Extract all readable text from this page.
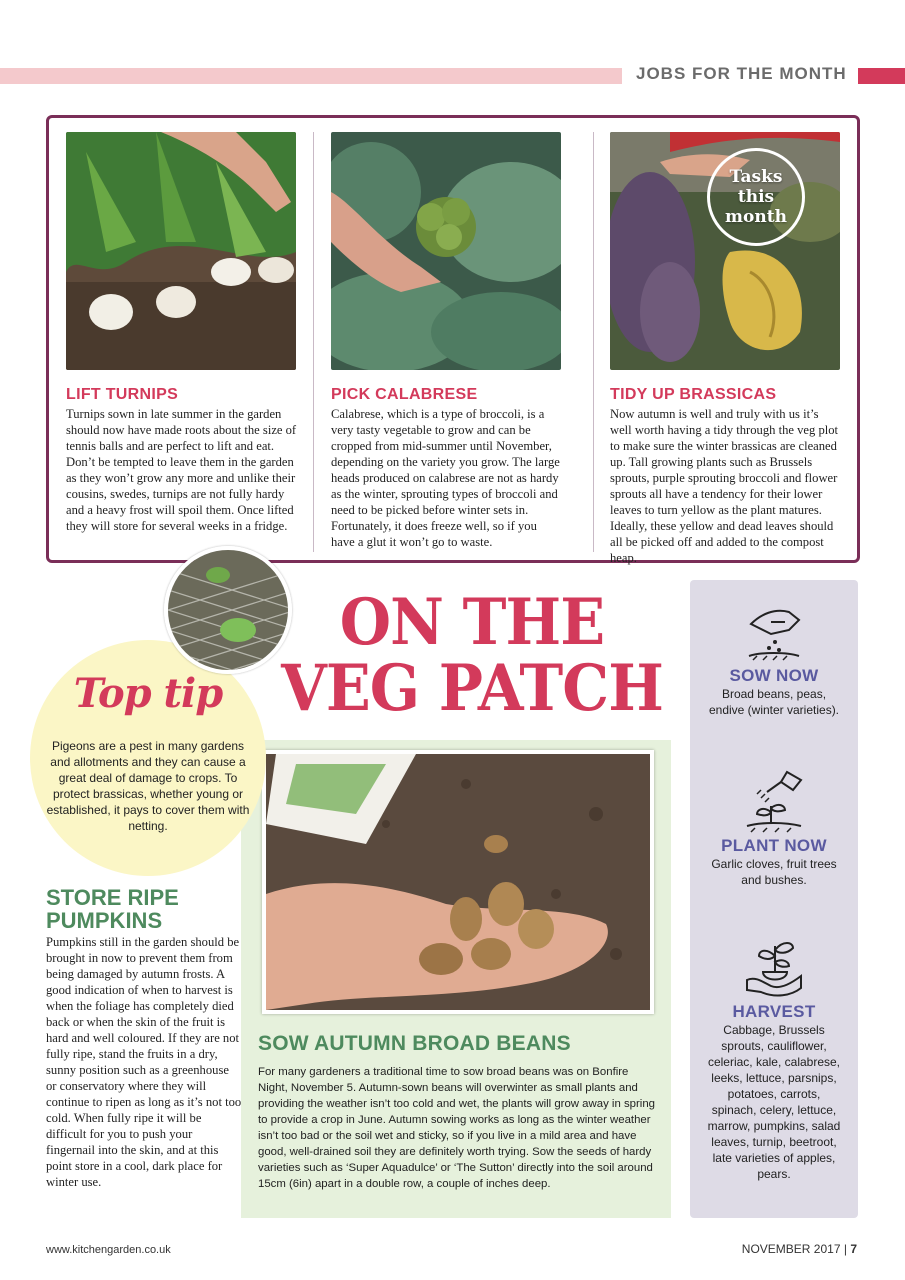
JOBS FOR THE MONTH
LIFT TURNIPS
Turnips sown in late summer in the garden should now have made roots about the size of tennis balls and are perfect to lift and eat. Don’t be tempted to leave them in the garden as they won’t grow any more and unlike their cousins, swedes, turnips are not fully hardy and a heavy frost will spoil them. Once lifted they will store for several weeks in a fridge.
PICK CALABRESE
Calabrese, which is a type of broccoli, is a very tasty vegetable to grow and can be cropped from mid-summer until November, depending on the variety you grow. The large heads produced on calabrese are not as hardy as the winter, sprouting types of broccoli and need to be picked before winter sets in. Fortunately, it does freeze well, so if you have a glut it won’t go to waste.
TIDY UP BRASSICAS
Now autumn is well and truly with us it’s well worth having a tidy through the veg plot to make sure the winter brassicas are cleaned up. Tall growing plants such as Brussels sprouts, purple sprouting broccoli and flower sprouts all have a tendency for their lower leaves to turn yellow as the plant matures. Ideally, these yellow and dead leaves should all be picked off and added to the compost heap.
Tasks this month
Top tip
Pigeons are a pest in many gardens and allotments and they can cause a great deal of damage to crops. To protect brassicas, whether young or established, it pays to cover them with netting.
ON THE
VEG PATCH
STORE RIPE PUMPKINS
Pumpkins still in the garden should be brought in now to prevent them from being damaged by autumn frosts. A good indication of when to harvest is when the foliage has completely died back or when the skin of the fruit is hard and well coloured. If they are not fully ripe, stand the fruits in a dry, sunny position such as a greenhouse or conservatory where they will continue to ripen as long as it’s not too cold. When fully ripe it will be difficult for you to push your fingernail into the skin, and at this point store in a cool, dark place for winter use.
SOW AUTUMN BROAD BEANS
For many gardeners a traditional time to sow broad beans was on Bonfire Night, November 5. Autumn-sown beans will overwinter as small plants and providing the weather isn’t too cold and wet, the plants will grow away in spring to provide a crop in June. Autumn sowing works as long as the winter weather isn’t too bad or the soil wet and sticky, so if you live in a mild area and have good, well-drained soil they are definitely worth trying. Sow the seeds of hardy varieties such as ‘Super Aquadulce’ or ‘The Sutton’ directly into the soil around 15cm (6in) apart in a double row, a couple of inches deep.
SOW NOW
Broad beans, peas, endive (winter varieties).
PLANT NOW
Garlic cloves, fruit trees and bushes.
HARVEST
Cabbage, Brussels sprouts, cauliflower, celeriac, kale, calabrese, leeks, lettuce, parsnips, potatoes, carrots, spinach, celery, lettuce, marrow, pumpkins, salad leaves, turnip, beetroot, late varieties of apples, pears.
www.kitchengarden.co.uk	NOVEMBER 2017 | 7
